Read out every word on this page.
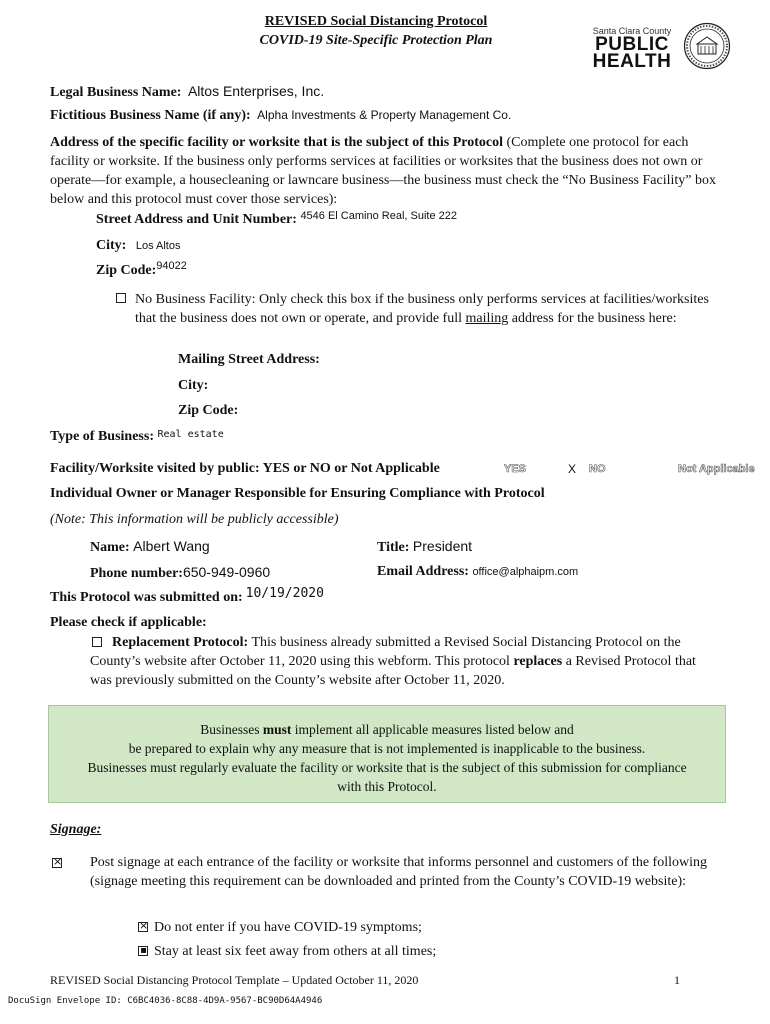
REVISED Social Distancing Protocol
COVID-19 Site-Specific Protection Plan
Santa Clara County
PUBLIC
HEALTH
Legal Business Name: Altos Enterprises, Inc.
Fictitious Business Name (if any): Alpha Investments & Property Management Co.
Address of the specific facility or worksite that is the subject of this Protocol (Complete one protocol for each facility or worksite. If the business only performs services at facilities or worksites that the business does not own or operate—for example, a housecleaning or lawncare business—the business must check the “No Business Facility” box below and this protocol must cover those services):
Street Address and Unit Number: $^{4546 El Camino Real, Suite 222}$
City: Los Altos
Zip Code:$^{94022}$
No Business Facility: Only check this box if the business only performs services at facilities/worksites that the business does not own or operate, and provide full mailing address for the business here:
Mailing Street Address:
City:
Zip Code:
Type of Business: $^{Real estate}$
Facility/Worksite visited by public: YES or NO or Not Applicable	YES	X NO	Not Applicable
Individual Owner or Manager Responsible for Ensuring Compliance with Protocol
(Note: This information will be publicly accessible)
Name: Albert Wang	Title: President
Phone number:650-949-0960	Email Address: office@alphaipm.com
This Protocol was submitted on: 10/19/2020
Please check if applicable:
Replacement Protocol: This business already submitted a Revised Social Distancing Protocol on the County’s website after October 11, 2020 using this webform. This protocol replaces a Revised Protocol that was previously submitted on the County’s website after October 11, 2020.
Businesses must implement all applicable measures listed below and
be prepared to explain why any measure that is not implemented is inapplicable to the business.
Businesses must regularly evaluate the facility or worksite that is the subject of this submission for compliance
with this Protocol.
Signage:
×
Post signage at each entrance of the facility or worksite that informs personnel and customers of the following (signage meeting this requirement can be downloaded and printed from the County’s COVID-19 website):
×Do not enter if you have COVID-19 symptoms;
▪Stay at least six feet away from others at all times;
REVISED Social Distancing Protocol Template – Updated October 11, 2020	1
DocuSign Envelope ID: C6BC4036-8C88-4D9A-9567-BC90D64A4946
